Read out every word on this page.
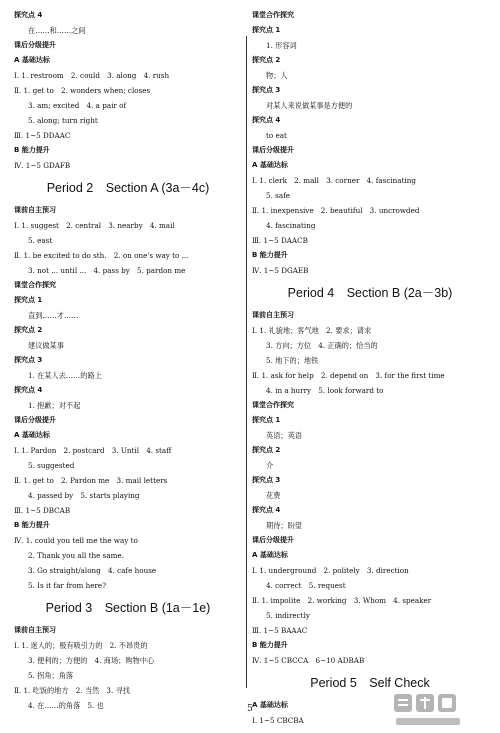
探究点 4
在……和……之间
课后分级提升
A 基础达标
Ⅰ. 1. restroom　2. could　3. along　4. rush
Ⅱ. 1. get to　2. wonders when; closes
3. am; excited　4. a pair of
5. along; turn right
Ⅲ. 1~5 DDAAC
B 能力提升
Ⅳ. 1~5 GDAFB
Period 2　Section A (3a－4c)
课前自主预习
Ⅰ. 1. suggest　2. central　3. nearby　4. mail
5. east
Ⅱ. 1. be excited to do sth.　2. on one's way to ...
3. not ... until ...　4. pass by　5. pardon me
课堂合作探究
探究点 1
直到……才……
探究点 2
建议做某事
探究点 3
1. 在某人去……的路上
探究点 4
1. 抱歉；对不起
课后分级提升
A 基础达标
Ⅰ. 1. Pardon　2. postcard　3. Until　4. staff
5. suggested
Ⅱ. 1. get to　2. Pardon me　3. mail letters
4. passed by　5. starts playing
Ⅲ. 1~5 DBCAB
B 能力提升
Ⅳ. 1. could you tell me the way to
2. Thank you all the same.
3. Go straight/along　4. cafe house
5. Is it far from here?
Period 3　Section B (1a－1e)
课前自主预习
Ⅰ. 1. 迷人的；极有吸引力的　2. 不昂贵的
3. 便利的；方便的　4. 商场；购物中心
5. 拐角；角落
Ⅱ. 1. 吃饭的地方　2. 当然　3. 寻找
4. 在……的角落　5. 也
课堂合作探究
探究点 1
1. 形容词
探究点 2
物；人
探究点 3
对某人来说做某事是方便的
探究点 4
to eat
课后分级提升
A 基础达标
Ⅰ. 1. clerk　2. mall　3. corner　4. fascinating
5. safe
Ⅱ. 1. inexpensive　2. beautiful　3. uncrowded
4. fascinating
Ⅲ. 1~5 DAACB
B 能力提升
Ⅳ. 1~5 DGAEB
Period 4　Section B (2a－3b)
课前自主预习
Ⅰ. 1. 礼貌地；客气地　2. 要求；请求
3. 方向；方位　4. 正确的；恰当的
5. 地下的；地铁
Ⅱ. 1. ask for help　2. depend on　3. for the first time
4. in a hurry　5. look forward to
课堂合作探究
探究点 1
英语；英语
探究点 2
介
探究点 3
花费
探究点 4
期待；盼望
课后分级提升
A 基础达标
Ⅰ. 1. underground　2. politely　3. direction
4. correct　5. request
Ⅱ. 1. impolite　2. working　3. Whom　4. speaker
5. indirectly
Ⅲ. 1~5 BAAAC
B 能力提升
Ⅳ. 1~5 CBCCA　6~10 ADBAB
Period 5　Self Check
A 基础达标
Ⅰ. 1~5 CBCBA
5
